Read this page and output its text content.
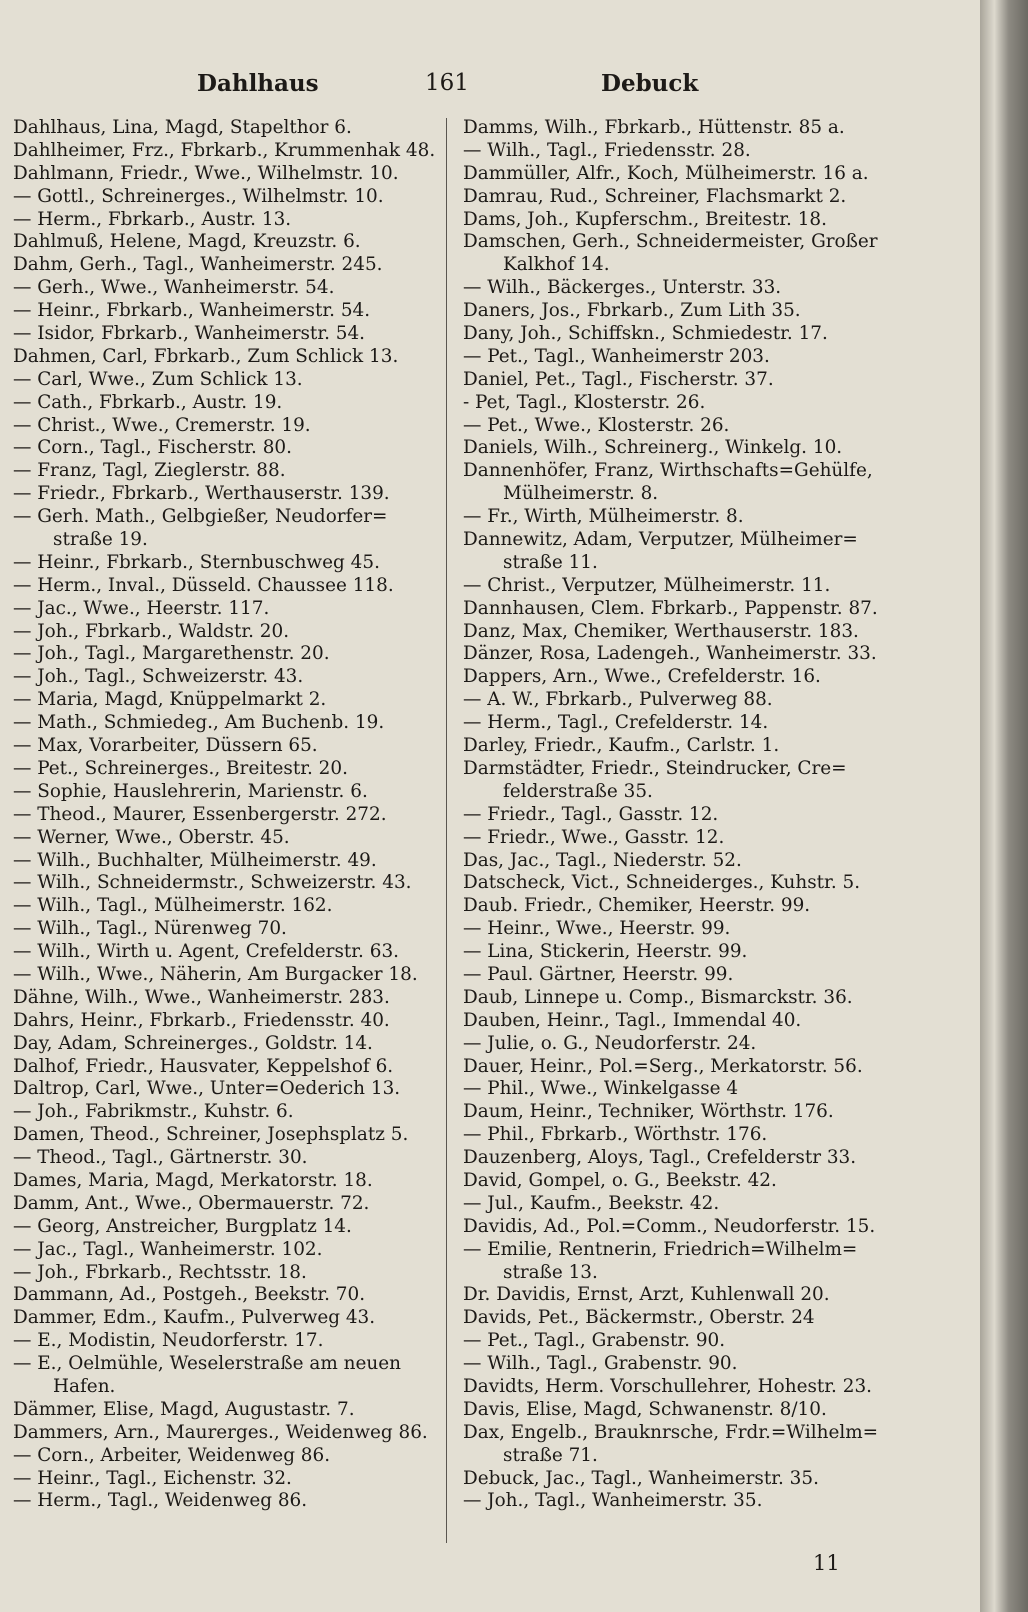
Dahlhaus	161	Debuck
Dahlhaus, Lina, Magd, Stapelthor 6.
Dahlheimer, Frz., Fbrkarb., Krummenhak 48.
Dahlmann, Friedr., Wwe., Wilhelmstr. 10.
— Gottl., Schreinerges., Wilhelmstr. 10.
— Herm., Fbrkarb., Austr. 13.
Dahlmuß, Helene, Magd, Kreuzstr. 6.
Dahm, Gerh., Tagl., Wanheimerstr. 245.
— Gerh., Wwe., Wanheimerstr. 54.
— Heinr., Fbrkarb., Wanheimerstr. 54.
— Isidor, Fbrkarb., Wanheimerstr. 54.
Dahmen, Carl, Fbrkarb., Zum Schlick 13.
— Carl, Wwe., Zum Schlick 13.
— Cath., Fbrkarb., Austr. 19.
— Christ., Wwe., Cremerstr. 19.
— Corn., Tagl., Fischerstr. 80.
— Franz, Tagl, Zieglerstr. 88.
— Friedr., Fbrkarb., Werthauserstr. 139.
— Gerh. Math., Gelbgießer, Neudorfer=
straße 19.
— Heinr., Fbrkarb., Sternbuschweg 45.
— Herm., Inval., Düsseld. Chaussee 118.
— Jac., Wwe., Heerstr. 117.
— Joh., Fbrkarb., Waldstr. 20.
— Joh., Tagl., Margarethenstr. 20.
— Joh., Tagl., Schweizerstr. 43.
— Maria, Magd, Knüppelmarkt 2.
— Math., Schmiedeg., Am Buchenb. 19.
— Max, Vorarbeiter, Düssern 65.
— Pet., Schreinerges., Breitestr. 20.
— Sophie, Hauslehrerin, Marienstr. 6.
— Theod., Maurer, Essenbergerstr. 272.
— Werner, Wwe., Oberstr. 45.
— Wilh., Buchhalter, Mülheimerstr. 49.
— Wilh., Schneidermstr., Schweizerstr. 43.
— Wilh., Tagl., Mülheimerstr. 162.
— Wilh., Tagl., Nürenweg 70.
— Wilh., Wirth u. Agent, Crefelderstr. 63.
— Wilh., Wwe., Näherin, Am Burgacker 18.
Dähne, Wilh., Wwe., Wanheimerstr. 283.
Dahrs, Heinr., Fbrkarb., Friedensstr. 40.
Day, Adam, Schreinerges., Goldstr. 14.
Dalhof, Friedr., Hausvater, Keppelshof 6.
Daltrop, Carl, Wwe., Unter=Oederich 13.
— Joh., Fabrikmstr., Kuhstr. 6.
Damen, Theod., Schreiner, Josephsplatz 5.
— Theod., Tagl., Gärtnerstr. 30.
Dames, Maria, Magd, Merkatorstr. 18.
Damm, Ant., Wwe., Obermauerstr. 72.
— Georg, Anstreicher, Burgplatz 14.
— Jac., Tagl., Wanheimerstr. 102.
— Joh., Fbrkarb., Rechtsstr. 18.
Dammann, Ad., Postgeh., Beekstr. 70.
Dammer, Edm., Kaufm., Pulverweg 43.
— E., Modistin, Neudorferstr. 17.
— E., Oelmühle, Weselerstraße am neuen
Hafen.
Dämmer, Elise, Magd, Augustastr. 7.
Dammers, Arn., Maurerges., Weidenweg 86.
— Corn., Arbeiter, Weidenweg 86.
— Heinr., Tagl., Eichenstr. 32.
— Herm., Tagl., Weidenweg 86.
Damms, Wilh., Fbrkarb., Hüttenstr. 85 a.
— Wilh., Tagl., Friedensstr. 28.
Dammüller, Alfr., Koch, Mülheimerstr. 16 a.
Damrau, Rud., Schreiner, Flachsmarkt 2.
Dams, Joh., Kupferschm., Breitestr. 18.
Damschen, Gerh., Schneidermeister, Großer
Kalkhof 14.
— Wilh., Bäckerges., Unterstr. 33.
Daners, Jos., Fbrkarb., Zum Lith 35.
Dany, Joh., Schiffskn., Schmiedestr. 17.
— Pet., Tagl., Wanheimerstr 203.
Daniel, Pet., Tagl., Fischerstr. 37.
- Pet, Tagl., Klosterstr. 26.
— Pet., Wwe., Klosterstr. 26.
Daniels, Wilh., Schreinerg., Winkelg. 10.
Dannenhöfer, Franz, Wirthschafts=Gehülfe,
Mülheimerstr. 8.
— Fr., Wirth, Mülheimerstr. 8.
Dannewitz, Adam, Verputzer, Mülheimer=
straße 11.
— Christ., Verputzer, Mülheimerstr. 11.
Dannhausen, Clem. Fbrkarb., Pappenstr. 87.
Danz, Max, Chemiker, Werthauserstr. 183.
Dänzer, Rosa, Ladengeh., Wanheimerstr. 33.
Dappers, Arn., Wwe., Crefelderstr. 16.
— A. W., Fbrkarb., Pulverweg 88.
— Herm., Tagl., Crefelderstr. 14.
Darley, Friedr., Kaufm., Carlstr. 1.
Darmstädter, Friedr., Steindrucker, Cre=
felderstraße 35.
— Friedr., Tagl., Gasstr. 12.
— Friedr., Wwe., Gasstr. 12.
Das, Jac., Tagl., Niederstr. 52.
Datscheck, Vict., Schneiderges., Kuhstr. 5.
Daub. Friedr., Chemiker, Heerstr. 99.
— Heinr., Wwe., Heerstr. 99.
— Lina, Stickerin, Heerstr. 99.
— Paul. Gärtner, Heerstr. 99.
Daub, Linnepe u. Comp., Bismarckstr. 36.
Dauben, Heinr., Tagl., Immendal 40.
— Julie, o. G., Neudorferstr. 24.
Dauer, Heinr., Pol.=Serg., Merkatorstr. 56.
— Phil., Wwe., Winkelgasse 4
Daum, Heinr., Techniker, Wörthstr. 176.
— Phil., Fbrkarb., Wörthstr. 176.
Dauzenberg, Aloys, Tagl., Crefelderstr 33.
David, Gompel, o. G., Beekstr. 42.
— Jul., Kaufm., Beekstr. 42.
Davidis, Ad., Pol.=Comm., Neudorferstr. 15.
— Emilie, Rentnerin, Friedrich=Wilhelm=
straße 13.
Dr. Davidis, Ernst, Arzt, Kuhlenwall 20.
Davids, Pet., Bäckermstr., Oberstr. 24
— Pet., Tagl., Grabenstr. 90.
— Wilh., Tagl., Grabenstr. 90.
Davidts, Herm. Vorschullehrer, Hohestr. 23.
Davis, Elise, Magd, Schwanenstr. 8/10.
Dax, Engelb., Brauknrsche, Frdr.=Wilhelm=
straße 71.
Debuck, Jac., Tagl., Wanheimerstr. 35.
— Joh., Tagl., Wanheimerstr. 35.
11
